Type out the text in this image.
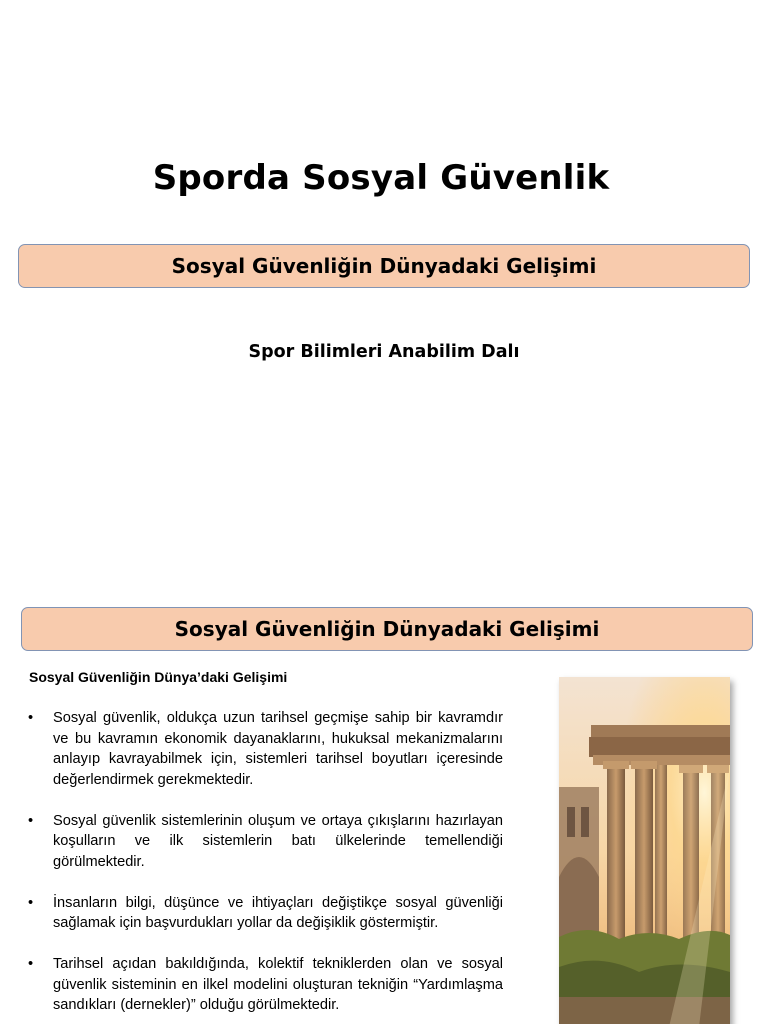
Sporda Sosyal Güvenlik
Sosyal Güvenliğin Dünyadaki Gelişimi
Spor Bilimleri Anabilim Dalı
Sosyal Güvenliğin Dünyadaki Gelişimi
Sosyal Güvenliğin Dünya’daki Gelişimi
• Sosyal güvenlik, oldukça uzun tarihsel geçmişe sahip bir kavramdır ve bu kavramın ekonomik dayanaklarını, hukuksal mekanizmalarını anlayıp kavrayabilmek için, sistemleri tarihsel boyutları içeresinde değerlendirmek gerekmektedir.
• Sosyal güvenlik sistemlerinin oluşum ve ortaya çıkışlarını hazırlayan koşulların ve ilk sistemlerin batı ülkelerinde temellendiği görülmektedir.
• İnsanların bilgi, düşünce ve ihtiyaçları değiştikçe sosyal güvenliği sağlamak için başvurdukları yollar da değişiklik göstermiştir.
• Tarihsel açıdan bakıldığında, kolektif tekniklerden olan ve sosyal güvenlik sisteminin en ilkel modelini oluşturan tekniğin “Yardımlaşma sandıkları (dernekler)” olduğu görülmektedir.
